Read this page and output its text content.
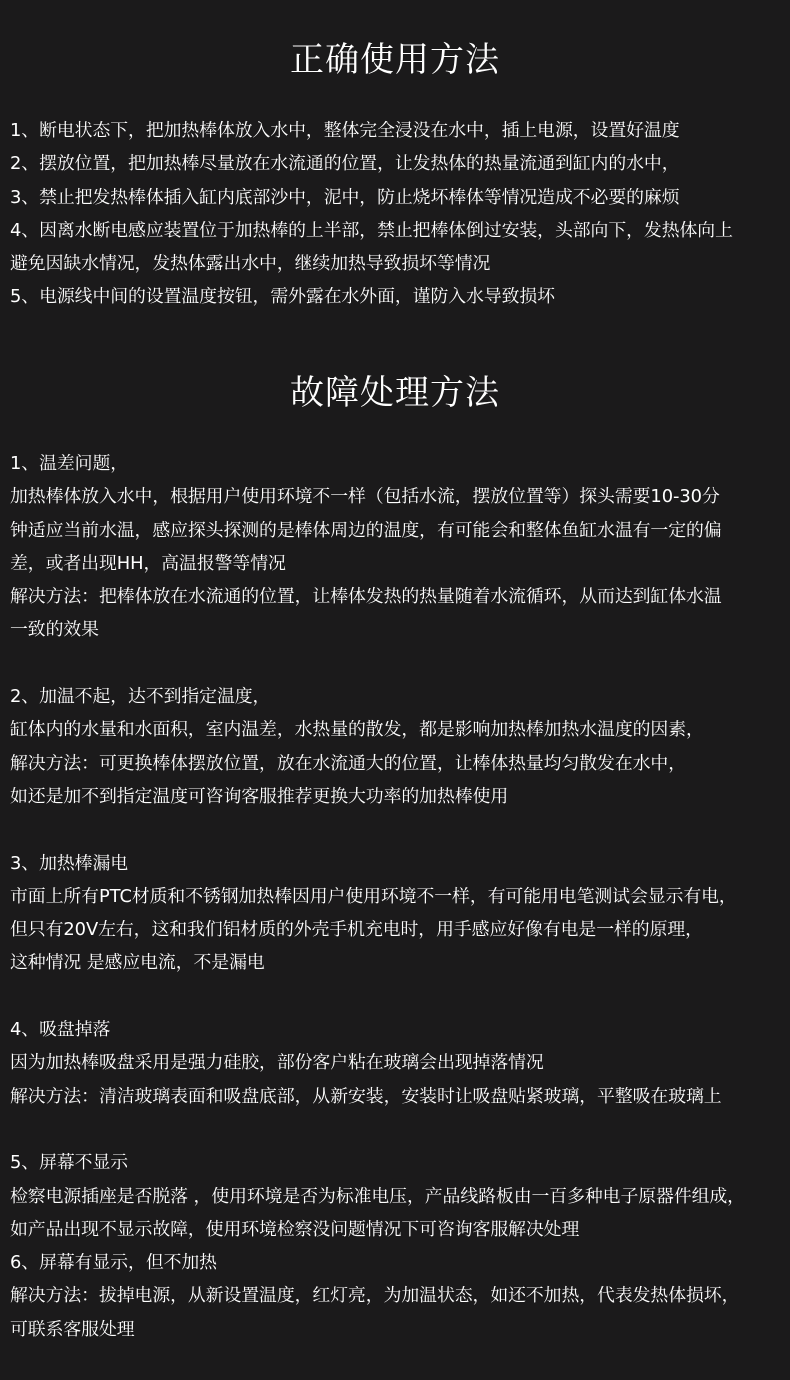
正确使用方法
1、断电状态下，把加热棒体放入水中，整体完全浸没在水中，插上电源，设置好温度
2、摆放位置，把加热棒尽量放在水流通的位置，让发热体的热量流通到缸内的水中，
3、禁止把发热棒体插入缸内底部沙中，泥中，防止烧坏棒体等情况造成不必要的麻烦
4、因离水断电感应装置位于加热棒的上半部，禁止把棒体倒过安装，头部向下，发热体向上
避免因缺水情况，发热体露出水中，继续加热导致损坏等情况
5、电源线中间的设置温度按钮，需外露在水外面，谨防入水导致损坏
故障处理方法
1、温差问题，
加热棒体放入水中，根据用户使用环境不一样（包括水流，摆放位置等）探头需要10-30分
钟适应当前水温，感应探头探测的是棒体周边的温度，有可能会和整体鱼缸水温有一定的偏
差，或者出现HH，高温报警等情况
解决方法：把棒体放在水流通的位置，让棒体发热的热量随着水流循环，从而达到缸体水温
一致的效果
2、加温不起，达不到指定温度，
缸体内的水量和水面积，室内温差，水热量的散发，都是影响加热棒加热水温度的因素，
解决方法：可更换棒体摆放位置，放在水流通大的位置，让棒体热量均匀散发在水中，
如还是加不到指定温度可咨询客服推荐更换大功率的加热棒使用
3、加热棒漏电
市面上所有PTC材质和不锈钢加热棒因用户使用环境不一样，有可能用电笔测试会显示有电，
但只有20V左右，这和我们铝材质的外壳手机充电时，用手感应好像有电是一样的原理，
这种情况 是感应电流，不是漏电
4、吸盘掉落
因为加热棒吸盘采用是强力硅胶，部份客户粘在玻璃会出现掉落情况
解决方法：清洁玻璃表面和吸盘底部，从新安装，安装时让吸盘贴紧玻璃，平整吸在玻璃上
5、屏幕不显示
检察电源插座是否脱落 ，使用环境是否为标准电压，产品线路板由一百多种电子原器件组成，
如产品出现不显示故障，使用环境检察没问题情况下可咨询客服解决处理
6、屏幕有显示，但不加热
解决方法：拔掉电源，从新设置温度，红灯亮，为加温状态，如还不加热，代表发热体损坏，
可联系客服处理
